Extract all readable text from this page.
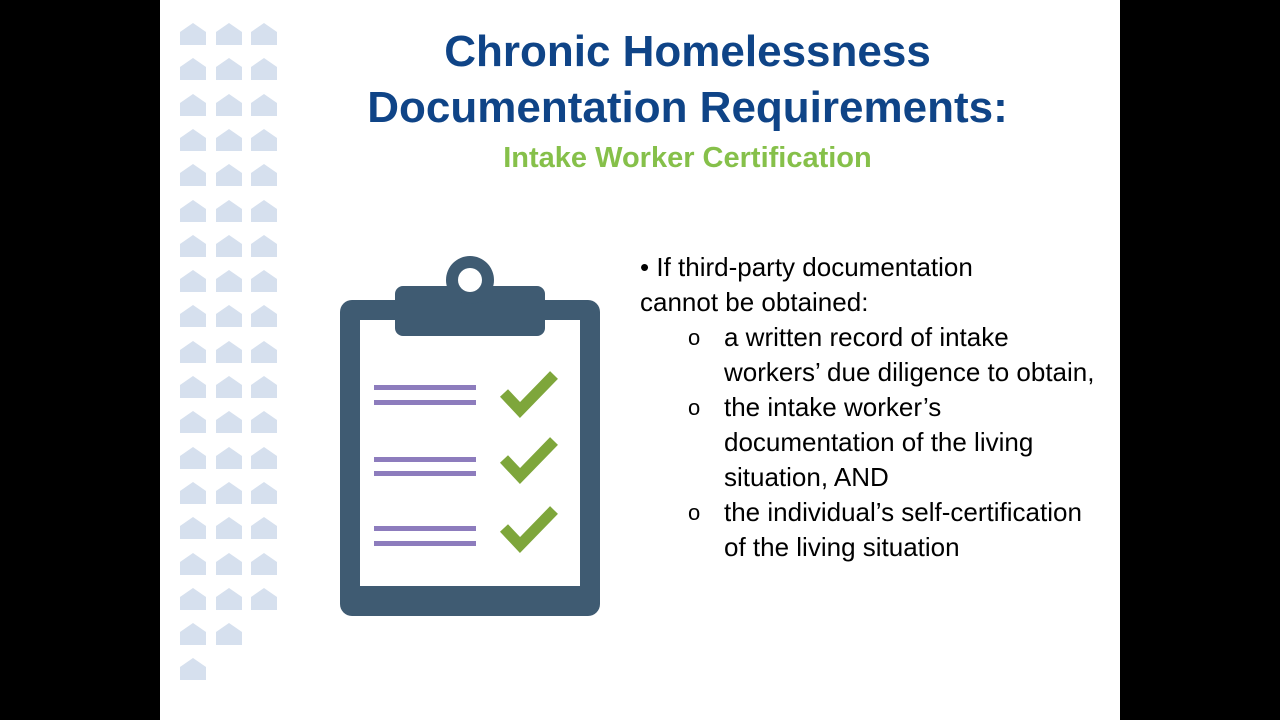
Chronic Homelessness
Documentation Requirements:
Intake Worker Certification

• If third-party documentation
cannot be obtained:

o a written record of intake workers’ due diligence to obtain,

o the intake worker’s documentation of the living situation, AND

o the individual’s self-certification of the living situation
